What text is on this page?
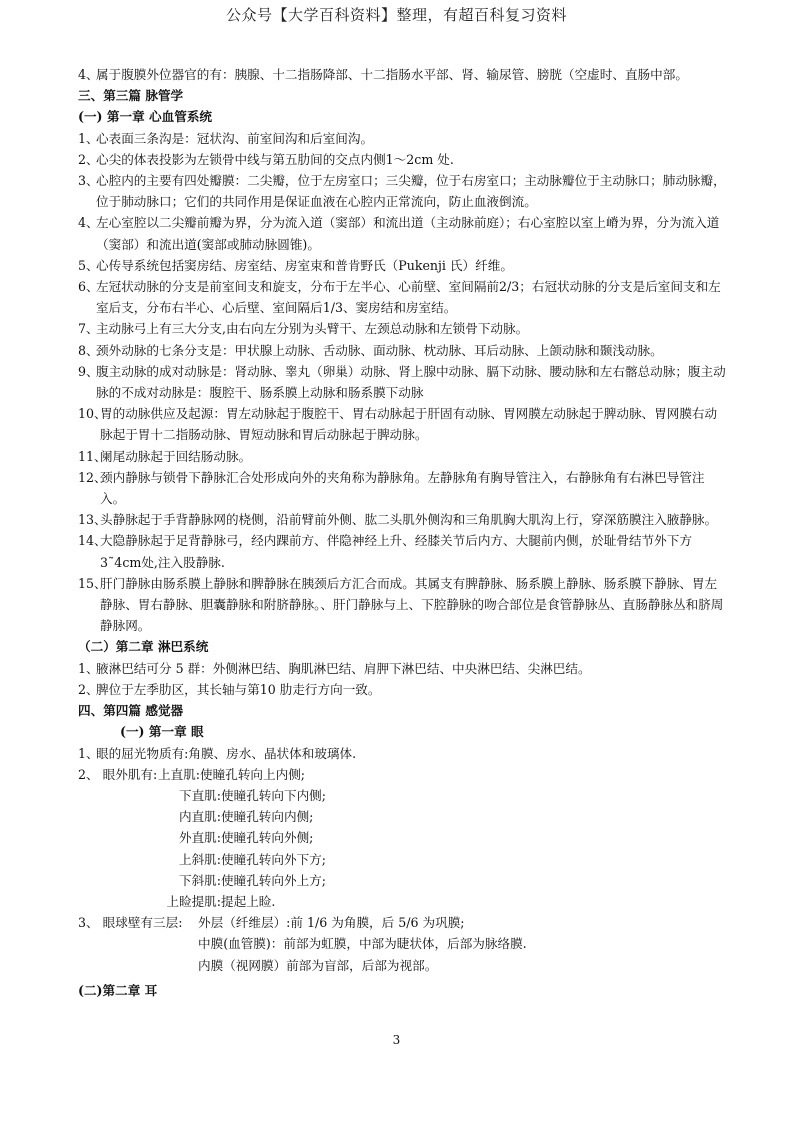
公众号【大学百科资料】整理，有超百科复习资料

4、
属于腹膜外位器官的有：胰腺、十二指肠降部、十二指肠水平部、肾、输尿管、膀胱（空虚时、直肠中部。

三、第三篇 脉管学

(一) 第一章 心血管系统

1、
心表面三条沟是：冠状沟、前室间沟和后室间沟。

2、
心尖的体表投影为左锁骨中线与第五肋间的交点内侧1～2cm 处.

3、
心腔内的主要有四处瓣膜：二尖瓣，位于左房室口；三尖瓣，位于右房室口；主动脉瓣位于主动脉口；肺动脉瓣，位于肺动脉口；它们的共同作用是保证血液在心腔内正常流向，防止血液倒流。

4、
左心室腔以二尖瓣前瓣为界，分为流入道（窦部）和流出道（主动脉前庭）；右心室腔以室上嵴为界，分为流入道（窦部）和流出道(窦部或肺动脉圆锥)。

5、
心传导系统包括窦房结、房室结、房室束和普肯野氏（Pukenji 氏）纤维。

6、
左冠状动脉的分支是前室间支和旋支，分布于左半心、心前壁、室间隔前2/3；右冠状动脉的分支是后室间支和左室后支，分布右半心、心后壁、室间隔后1/3、窦房结和房室结。

7、
主动脉弓上有三大分支,由右向左分别为头臂干、左颈总动脉和左锁骨下动脉。

8、
颈外动脉的七条分支是：甲状腺上动脉、舌动脉、面动脉、枕动脉、耳后动脉、上颌动脉和颞浅动脉。

9、
腹主动脉的成对动脉是：肾动脉、睾丸（卵巢）动脉、肾上腺中动脉、膈下动脉、腰动脉和左右髂总动脉；腹主动脉的不成对动脉是：腹腔干、肠系膜上动脉和肠系膜下动脉

10、
胃的动脉供应及起源：胃左动脉起于腹腔干、胃右动脉起于肝固有动脉、胃网膜左动脉起于脾动脉、胃网膜右动脉起于胃十二指肠动脉、胃短动脉和胃后动脉起于脾动脉。

11、
阑尾动脉起于回结肠动脉。

12、
颈内静脉与锁骨下静脉汇合处形成向外的夹角称为静脉角。左静脉角有胸导管注入，右静脉角有右淋巴导管注入。

13、
头静脉起于手背静脉网的桡侧，沿前臂前外侧、肱二头肌外侧沟和三角肌胸大肌沟上行，穿深筋膜注入腋静脉。

14、
大隐静脉起于足背静脉弓，经内踝前方、伴隐神经上升、经膝关节后内方、大腿前内侧，於耻骨结节外下方 3˜4cm处,注入股静脉.

15、
肝门静脉由肠系膜上静脉和脾静脉在胰颈后方汇合而成。其属支有脾静脉、肠系膜上静脉、肠系膜下静脉、胃左静脉、胃右静脉、胆囊静脉和附脐静脉。、肝门静脉与上、下腔静脉的吻合部位是食管静脉丛、直肠静脉丛和脐周静脉网。

（二）第二章 淋巴系统

1、
腋淋巴结可分 5 群：外侧淋巴结、胸肌淋巴结、肩胛下淋巴结、中央淋巴结、尖淋巴结。

2、
脾位于左季肋区，其长轴与第10 肋走行方向一致。

四、第四篇 感觉器

(一) 第一章 眼

1、
眼的屈光物质有:角膜、房水、晶状体和玻璃体.

2、 眼外肌有: 上直肌:使瞳孔转向上内侧;
下直肌: 使瞳孔转向下内侧;
内直肌: 使瞳孔转向内侧;
外直肌: 使瞳孔转向外侧;
上斜肌: 使瞳孔转向外下方;
下斜肌: 使瞳孔转向外上方;
上睑提肌: 提起上睑.
3、 眼球壁有三层:	外层（纤维层）:前 1/6 为角膜，后 5/6 为巩膜;
中膜(血管膜)：前部为虹膜，中部为睫状体，后部为脉络膜.
内膜（视网膜）前部为盲部，后部为视部。

(二)第二章 耳

3
